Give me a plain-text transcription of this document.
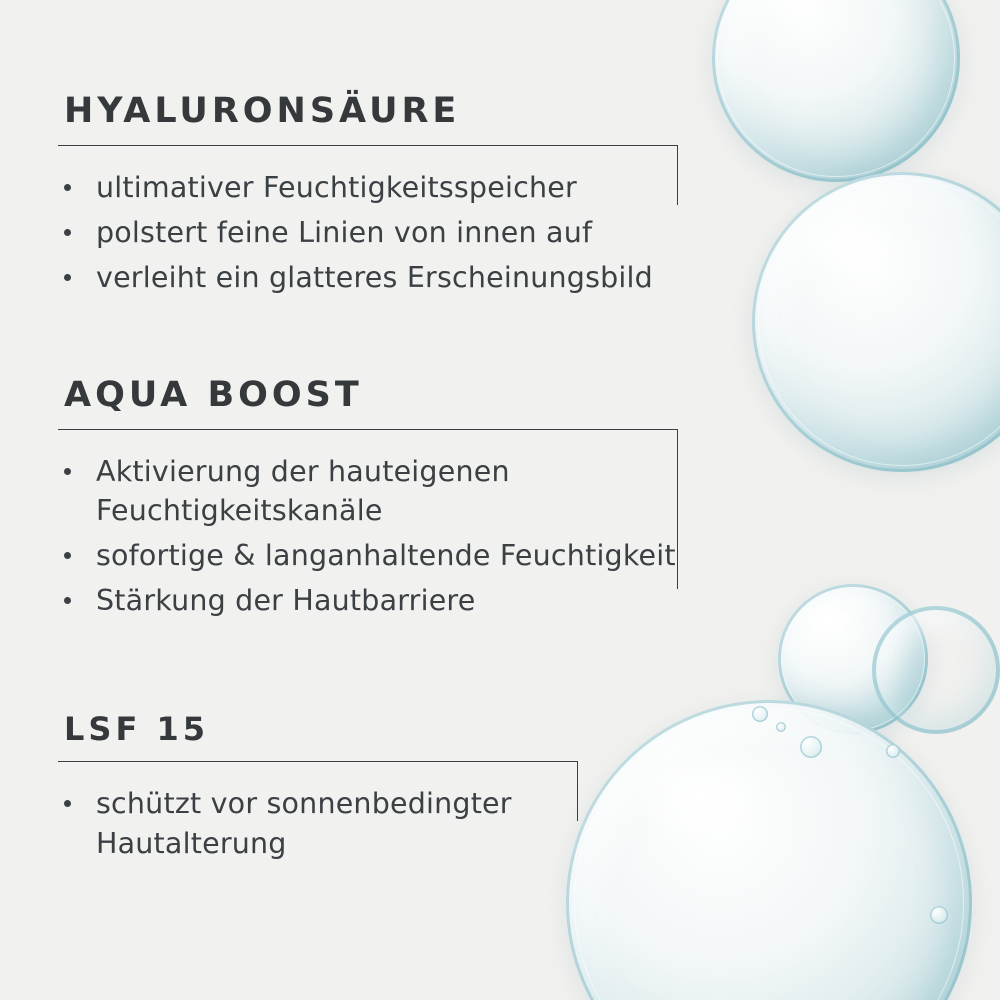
HYALURONSÄURE
ultimativer Feuchtigkeitsspeicher
polstert feine Linien von innen auf
verleiht ein glatteres Erscheinungsbild
AQUA BOOST
Aktivierung der hauteigenen Feuchtigkeitskanäle
sofortige & langanhaltende Feuchtigkeit
Stärkung der Hautbarriere
LSF 15
schützt vor sonnenbedingter Hautalterung
